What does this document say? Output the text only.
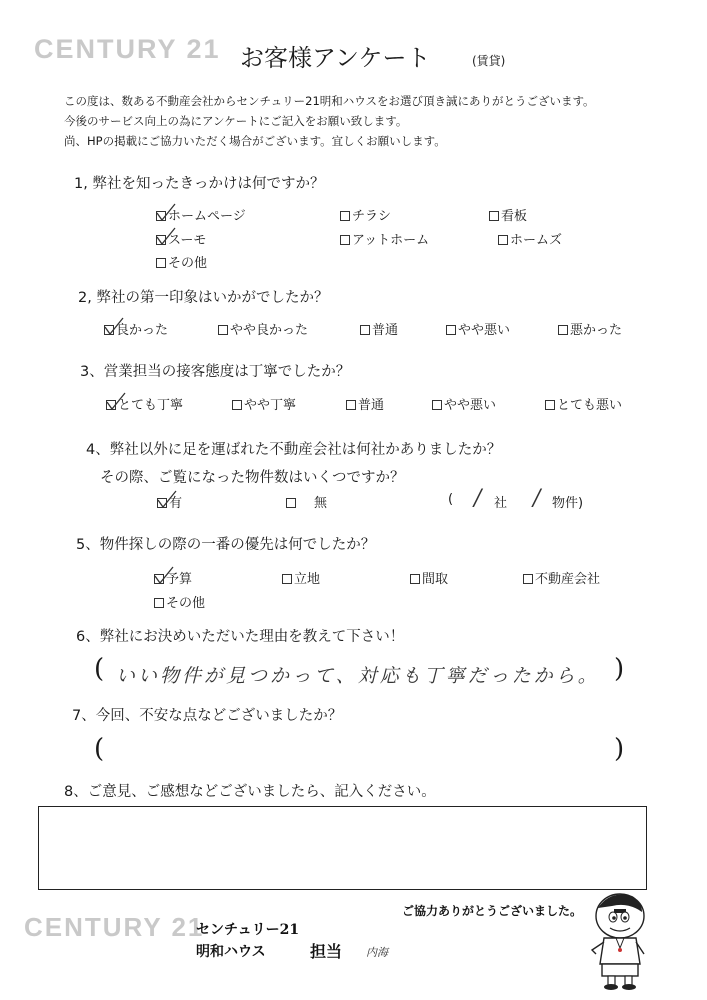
CENTURY 21 お客様アンケート	(賃貸)
この度は、数ある不動産会社からセンチュリー21明和ハウスをお選び頂き誠にありがとうございます。
今後のサービス向上の為にアンケートにご記入をお願い致します。
尚、HPの掲載にご協力いただく場合がございます。宜しくお願いします。
1, 弊社を知ったきっかけは何ですか？
ホームページ	チラシ	看板
スーモ	アットホーム	ホームズ
その他
2, 弊社の第一印象はいかがでしたか？
良かった	やや良かった	普通	やや悪い	悪かった
3、営業担当の接客態度は丁寧でしたか？
とても丁寧	やや丁寧	普通	やや悪い	とても悪い
4、弊社以外に足を運ばれた不動産会社は何社かありましたか？
その際、ご覧になった物件数はいくつですか？
有	無	( / 社 / 物件)
5、物件探しの際の一番の優先は何でしたか？
予算	立地	間取	不動産会社
その他
6、弊社にお決めいただいた理由を教えて下さい！
( いい物件が見つかって、対応も丁寧だったから。 )
7、今回、不安な点などございましたか？
(	)
8、ご意見、ご感想などございましたら、記入ください。
ご協力ありがとうございました。
CENTURY 21
センチュリー21
明和ハウス	担当 内海
